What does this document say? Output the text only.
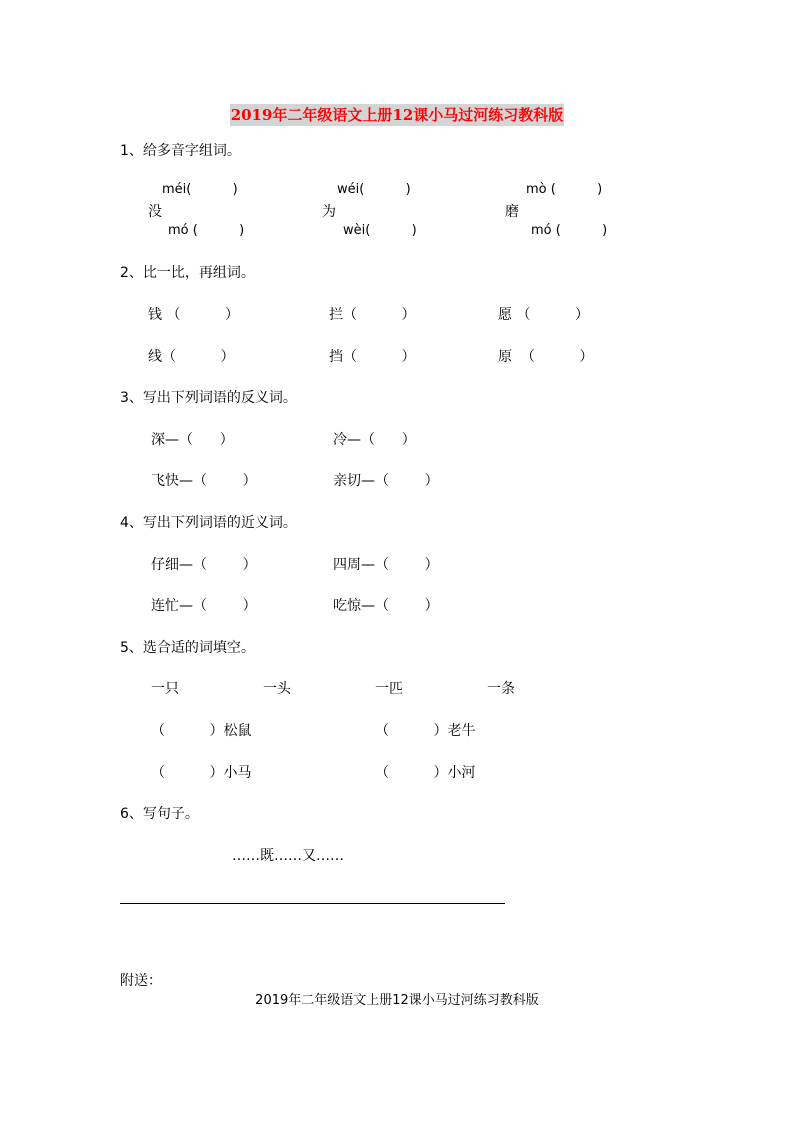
2019年二年级语文上册12课小马过河练习教科版
1、给多音字组词。
méi(          )	wéi(          )	mò (          )
没	为	磨
mó (          )	wèi(          )	mó (          )
2、比一比，再组词。
钱 （          ）	拦（          ）	愿 （          ）
线（          ）	挡（          ）	原  （          ）
3、写出下列词语的反义词。
深—（      ）	冷—（      ）
飞快—（        ）	亲切—（        ）
4、写出下列词语的近义词。
仔细—（        ）	四周—（        ）
连忙—（        ）	吃惊—（        ）
5、选合适的词填空。
一只	一头	一匹	一条
（          ）松鼠	（          ）老牛
（          ）小马	（          ）小河
6、写句子。
……既……又……
附送：
2019年二年级语文上册12课小马过河练习教科版
